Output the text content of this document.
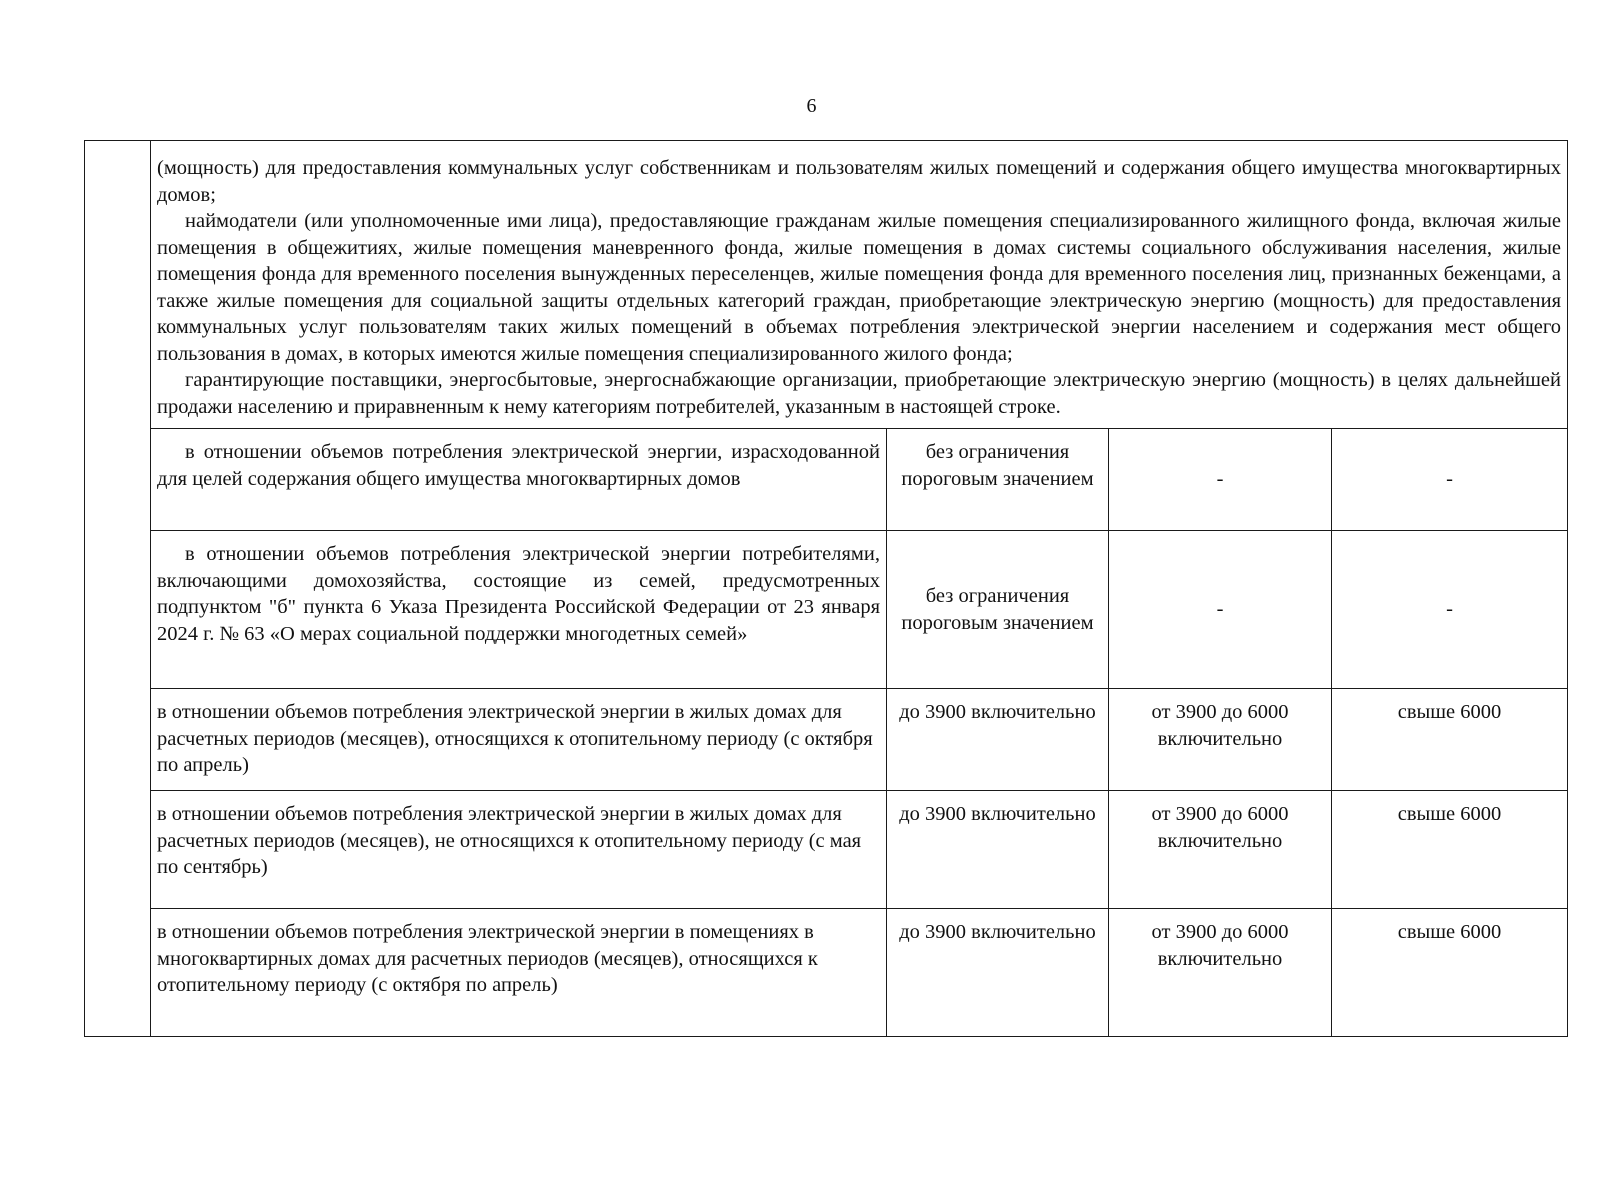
6

	(мощность) для предоставления коммунальных услуг собственникам и пользователям жилых помещений и содержания общего имущества многоквартирных домов;

наймодатели (или уполномоченные ими лица), предоставляющие гражданам жилые помещения специализированного жилищного фонда, включая жилые помещения в общежитиях, жилые помещения маневренного фонда, жилые помещения в домах системы социального обслуживания населения, жилые помещения фонда для временного поселения вынужденных переселенцев, жилые помещения фонда для временного поселения лиц, признанных беженцами, а также жилые помещения для социальной защиты отдельных категорий граждан, приобретающие электрическую энергию (мощность) для предоставления коммунальных услуг пользователям таких жилых помещений в объемах потребления электрической энергии населением и содержания мест общего пользования в домах, в которых имеются жилые помещения специализированного жилого фонда;

гарантирующие поставщики, энергосбытовые, энергоснабжающие организации, приобретающие электрическую энергию (мощность) в целях дальнейшей продажи населению и приравненным к нему категориям потребителей, указанным в настоящей строке.			

	в отношении объемов потребления электрической энергии, израсходованной для целей содержания общего имущества многоквартирных домов	без ограничения пороговым значением	-	-
	в отношении объемов потребления электрической энергии потребителями, включающими домохозяйства, состоящие из семей, предусмотренных подпунктом "б" пункта 6 Указа Президента Российской Федерации от 23 января 2024 г. № 63 «О мерах социальной поддержки многодетных семей»	без ограничения пороговым значением	-	-
	в отношении объемов потребления электрической энергии в жилых домах для расчетных периодов (месяцев), относящихся к отопительному периоду (с октября по апрель)	до 3900 включительно	от 3900 до 6000 включительно	свыше 6000
	в отношении объемов потребления электрической энергии в жилых домах для расчетных периодов (месяцев), не относящихся к отопительному периоду (с мая по сентябрь)	до 3900 включительно	от 3900 до 6000 включительно	свыше 6000
	в отношении объемов потребления электрической энергии в помещениях в многоквартирных домах для расчетных периодов (месяцев), относящихся к отопительному периоду (с октября по апрель)	до 3900 включительно	от 3900 до 6000 включительно	свыше 6000
